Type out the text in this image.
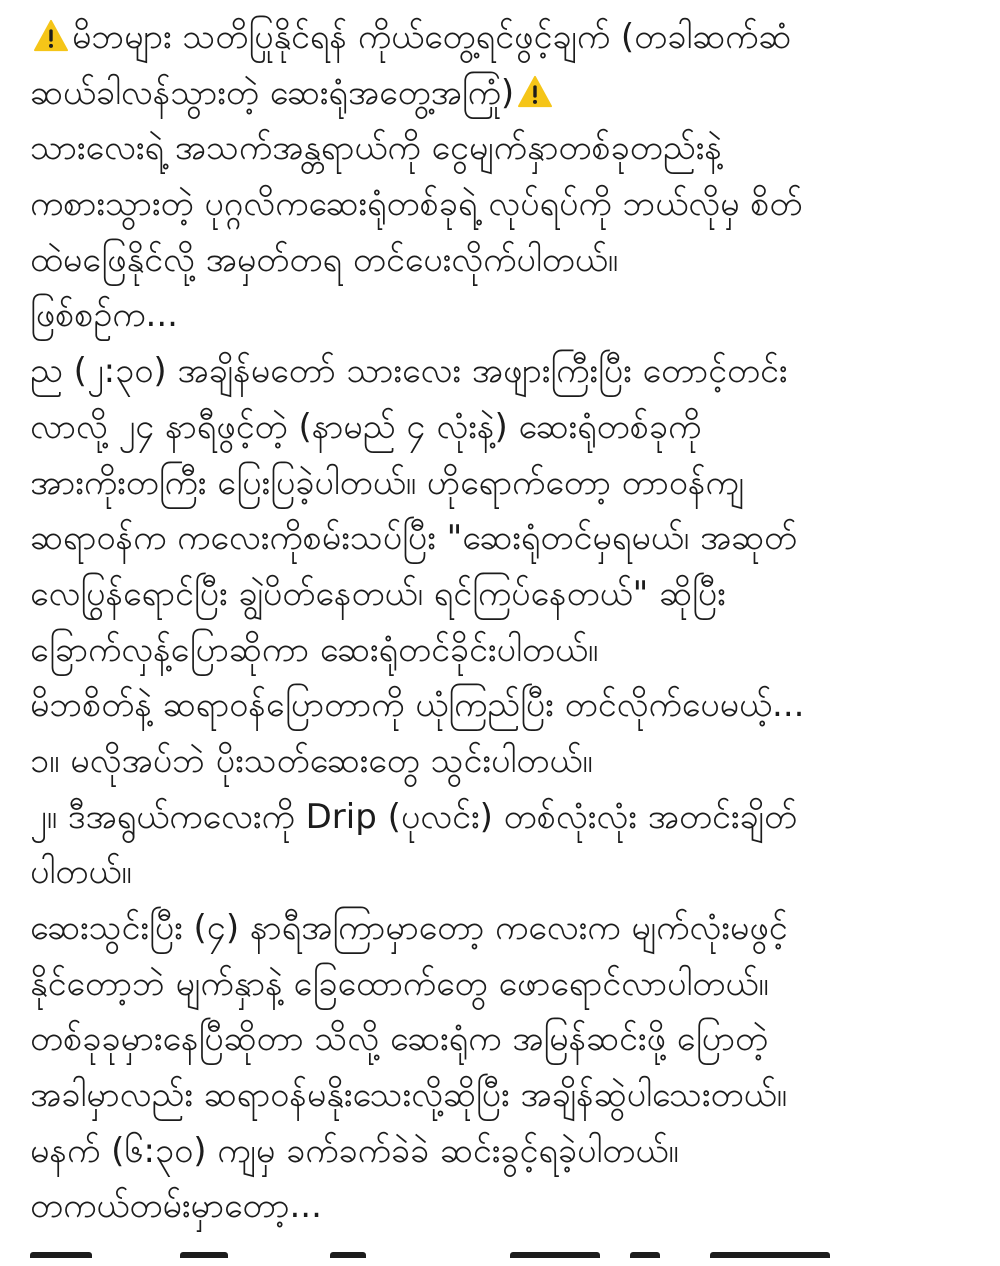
မိဘများ သတိပြုနိုင်ရန် ကိုယ်တွေ့ရင်ဖွင့်ချက် (တခါဆက်ဆံ
ဆယ်ခါလန်သွားတဲ့ ဆေးရုံအတွေ့အကြုံ)
သားလေးရဲ့ အသက်အန္တရာယ်ကို ငွေမျက်နှာတစ်ခုတည်းနဲ့
ကစားသွားတဲ့ ပုဂ္ဂလိကဆေးရုံတစ်ခုရဲ့ လုပ်ရပ်ကို ဘယ်လိုမှ စိတ်
ထဲမဖြေနိုင်လို့ အမှတ်တရ တင်ပေးလိုက်ပါတယ်။
ဖြစ်စဉ်က...
ည (၂:၃၀) အချိန်မတော် သားလေး အဖျားကြီးပြီး တောင့်တင်း
လာလို့ ၂၄ နာရီဖွင့်တဲ့ (နာမည် ၄ လုံးနဲ့) ဆေးရုံတစ်ခုကို
အားကိုးတကြီး ပြေးပြခဲ့ပါတယ်။ ဟိုရောက်တော့ တာဝန်ကျ
ဆရာဝန်က ကလေးကိုစမ်းသပ်ပြီး "ဆေးရုံတင်မှရမယ်၊ အဆုတ်
လေပြွန်ရောင်ပြီး ချွဲပိတ်နေတယ်၊ ရင်ကြပ်နေတယ်" ဆိုပြီး
ခြောက်လှန့်ပြောဆိုကာ ဆေးရုံတင်ခိုင်းပါတယ်။
မိဘစိတ်နဲ့ ဆရာဝန်ပြောတာကို ယုံကြည်ပြီး တင်လိုက်ပေမယ့်...
၁။ မလိုအပ်ဘဲ ပိုးသတ်ဆေးတွေ သွင်းပါတယ်။
၂။ ဒီအရွယ်ကလေးကို Drip (ပုလင်း) တစ်လုံးလုံး အတင်းချိတ်
ပါတယ်။
ဆေးသွင်းပြီး (၄) နာရီအကြာမှာတော့ ကလေးက မျက်လုံးမဖွင့်
နိုင်တော့ဘဲ မျက်နှာနဲ့ ခြေထောက်တွေ ဖောရောင်လာပါတယ်။
တစ်ခုခုမှားနေပြီဆိုတာ သိလို့ ဆေးရုံက အမြန်ဆင်းဖို့ ပြောတဲ့
အခါမှာလည်း ဆရာဝန်မနိုးသေးလို့ဆိုပြီး အချိန်ဆွဲပါသေးတယ်။
မနက် (၆:၃၀) ကျမှ ခက်ခက်ခဲခဲ ဆင်းခွင့်ရခဲ့ပါတယ်။
တကယ်တမ်းမှာတော့...
